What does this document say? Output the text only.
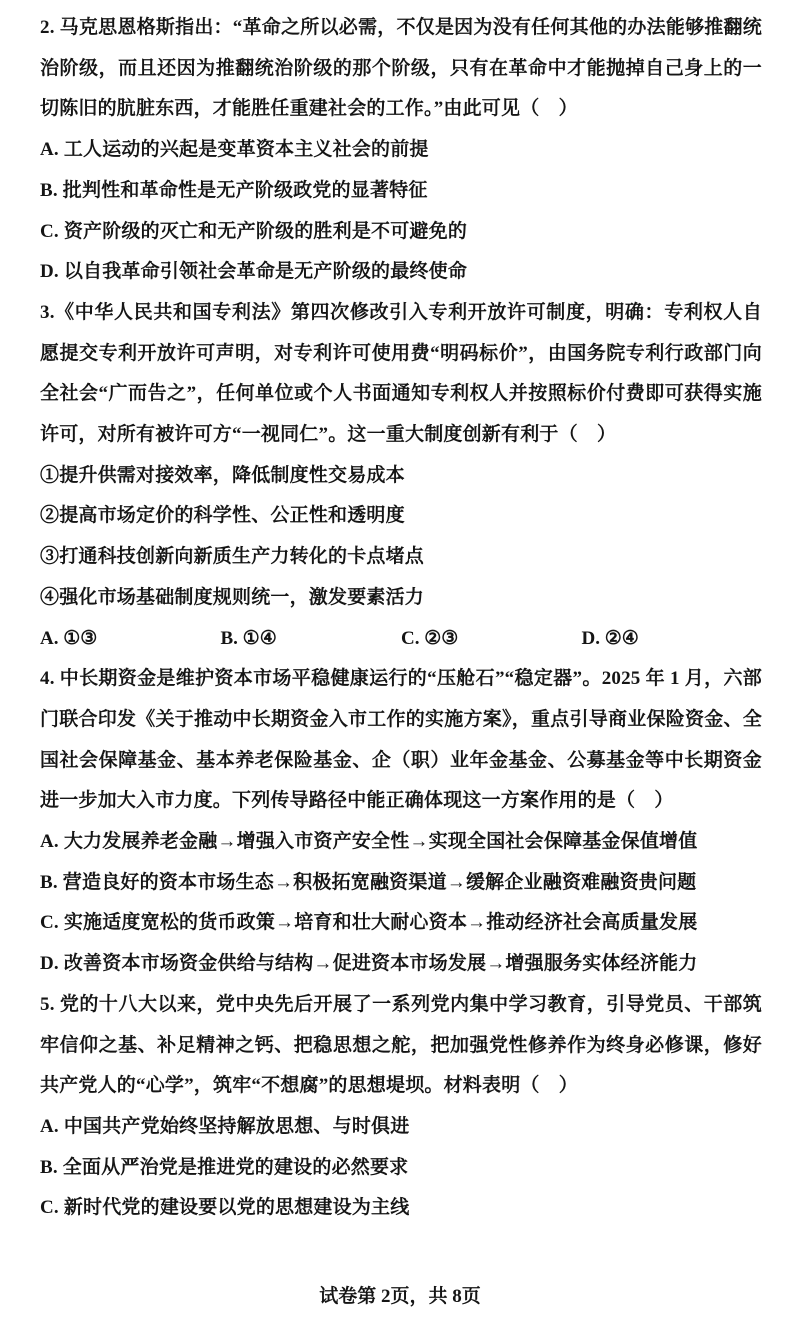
2. 马克思恩格斯指出：“革命之所以必需，不仅是因为没有任何其他的办法能够推翻统治阶级，而且还因为推翻统治阶级的那个阶级，只有在革命中才能抛掉自己身上的一切陈旧的肮脏东西，才能胜任重建社会的工作。”由此可见（　）

A. 工人运动的兴起是变革资本主义社会的前提

B. 批判性和革命性是无产阶级政党的显著特征

C. 资产阶级的灭亡和无产阶级的胜利是不可避免的

D. 以自我革命引领社会革命是无产阶级的最终使命

3.《中华人民共和国专利法》第四次修改引入专利开放许可制度，明确：专利权人自愿提交专利开放许可声明，对专利许可使用费“明码标价”，由国务院专利行政部门向全社会“广而告之”，任何单位或个人书面通知专利权人并按照标价付费即可获得实施许可，对所有被许可方“一视同仁”。这一重大制度创新有利于（　）

①提升供需对接效率，降低制度性交易成本

②提高市场定价的科学性、公正性和透明度

③打通科技创新向新质生产力转化的卡点堵点

④强化市场基础制度规则统一，激发要素活力

A. ①③	B. ①④	C. ②③	D. ②④

4. 中长期资金是维护资本市场平稳健康运行的“压舱石”“稳定器”。2025 年 1 月，六部门联合印发《关于推动中长期资金入市工作的实施方案》，重点引导商业保险资金、全国社会保障基金、基本养老保险基金、企（职）业年金基金、公募基金等中长期资金进一步加大入市力度。下列传导路径中能正确体现这一方案作用的是（　）

A. 大力发展养老金融→增强入市资产安全性→实现全国社会保障基金保值增值

B. 营造良好的资本市场生态→积极拓宽融资渠道→缓解企业融资难融资贵问题

C. 实施适度宽松的货币政策→培育和壮大耐心资本→推动经济社会高质量发展

D. 改善资本市场资金供给与结构→促进资本市场发展→增强服务实体经济能力

5. 党的十八大以来，党中央先后开展了一系列党内集中学习教育，引导党员、干部筑牢信仰之基、补足精神之钙、把稳思想之舵，把加强党性修养作为终身必修课，修好共产党人的“心学”，筑牢“不想腐”的思想堤坝。材料表明（　）

A. 中国共产党始终坚持解放思想、与时俱进

B. 全面从严治党是推进党的建设的必然要求

C. 新时代党的建设要以党的思想建设为主线

试卷第 2页，共 8页
